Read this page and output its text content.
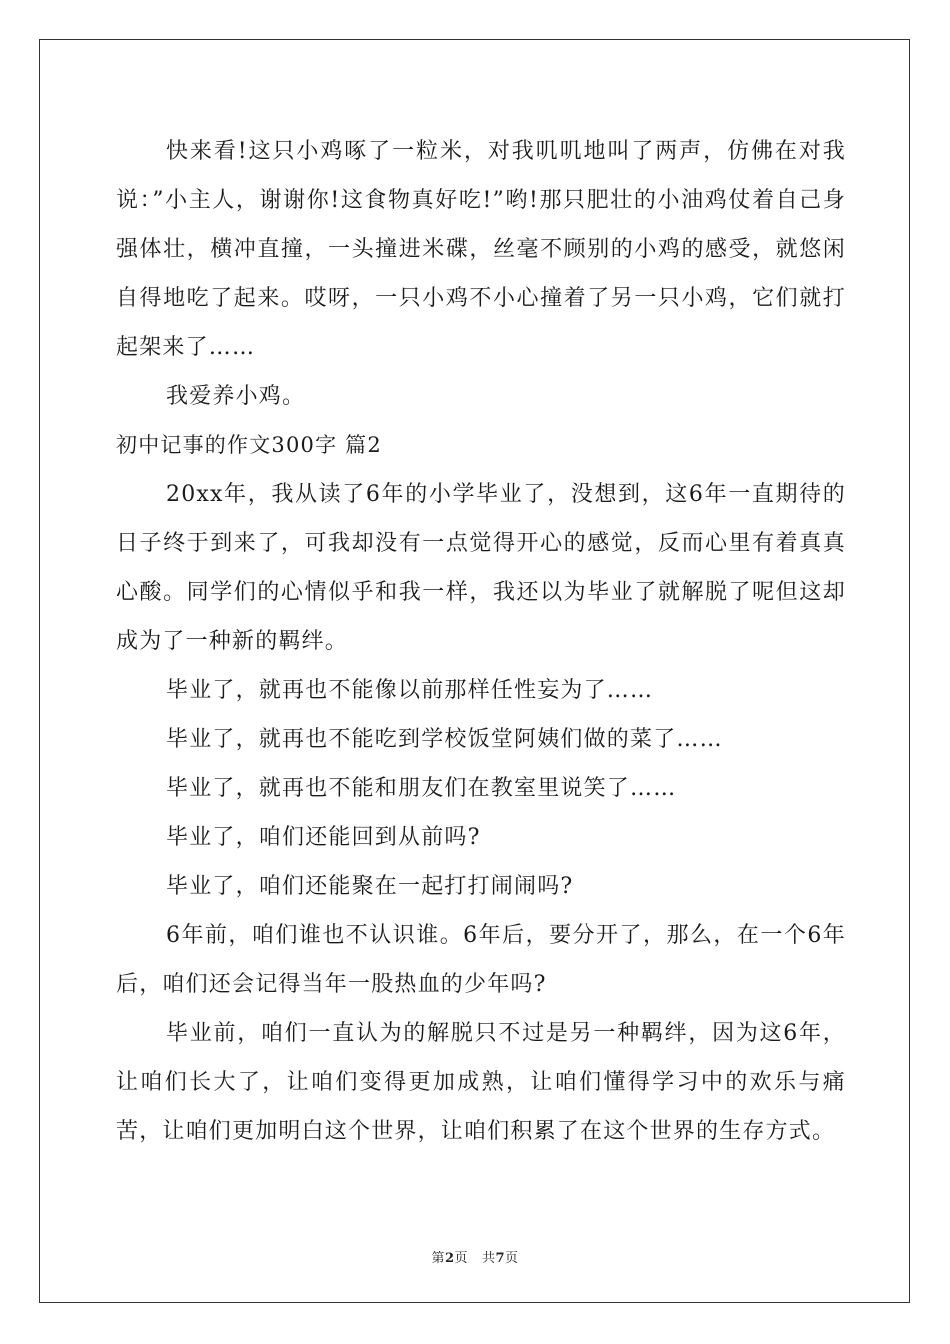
快来看!这只小鸡啄了一粒米，对我叽叽地叫了两声，仿佛在对我说：”小主人，谢谢你!这食物真好吃!”哟!那只肥壮的小油鸡仗着自己身强体壮，横冲直撞，一头撞进米碟，丝毫不顾别的小鸡的感受，就悠闲自得地吃了起来。哎呀，一只小鸡不小心撞着了另一只小鸡，它们就打起架来了……

我爱养小鸡。

初中记事的作文300字 篇2

20xx年，我从读了6年的小学毕业了，没想到，这6年一直期待的日子终于到来了，可我却没有一点觉得开心的感觉，反而心里有着真真心酸。同学们的心情似乎和我一样，我还以为毕业了就解脱了呢但这却成为了一种新的羁绊。

毕业了，就再也不能像以前那样任性妄为了……

毕业了，就再也不能吃到学校饭堂阿姨们做的菜了……

毕业了，就再也不能和朋友们在教室里说笑了……

毕业了，咱们还能回到从前吗?

毕业了，咱们还能聚在一起打打闹闹吗?

6年前，咱们谁也不认识谁。6年后，要分开了，那么，在一个6年后，咱们还会记得当年一股热血的少年吗?

毕业前，咱们一直认为的解脱只不过是另一种羁绊，因为这6年，让咱们长大了，让咱们变得更加成熟，让咱们懂得学习中的欢乐与痛苦，让咱们更加明白这个世界，让咱们积累了在这个世界的生存方式。

第2页 共7页
